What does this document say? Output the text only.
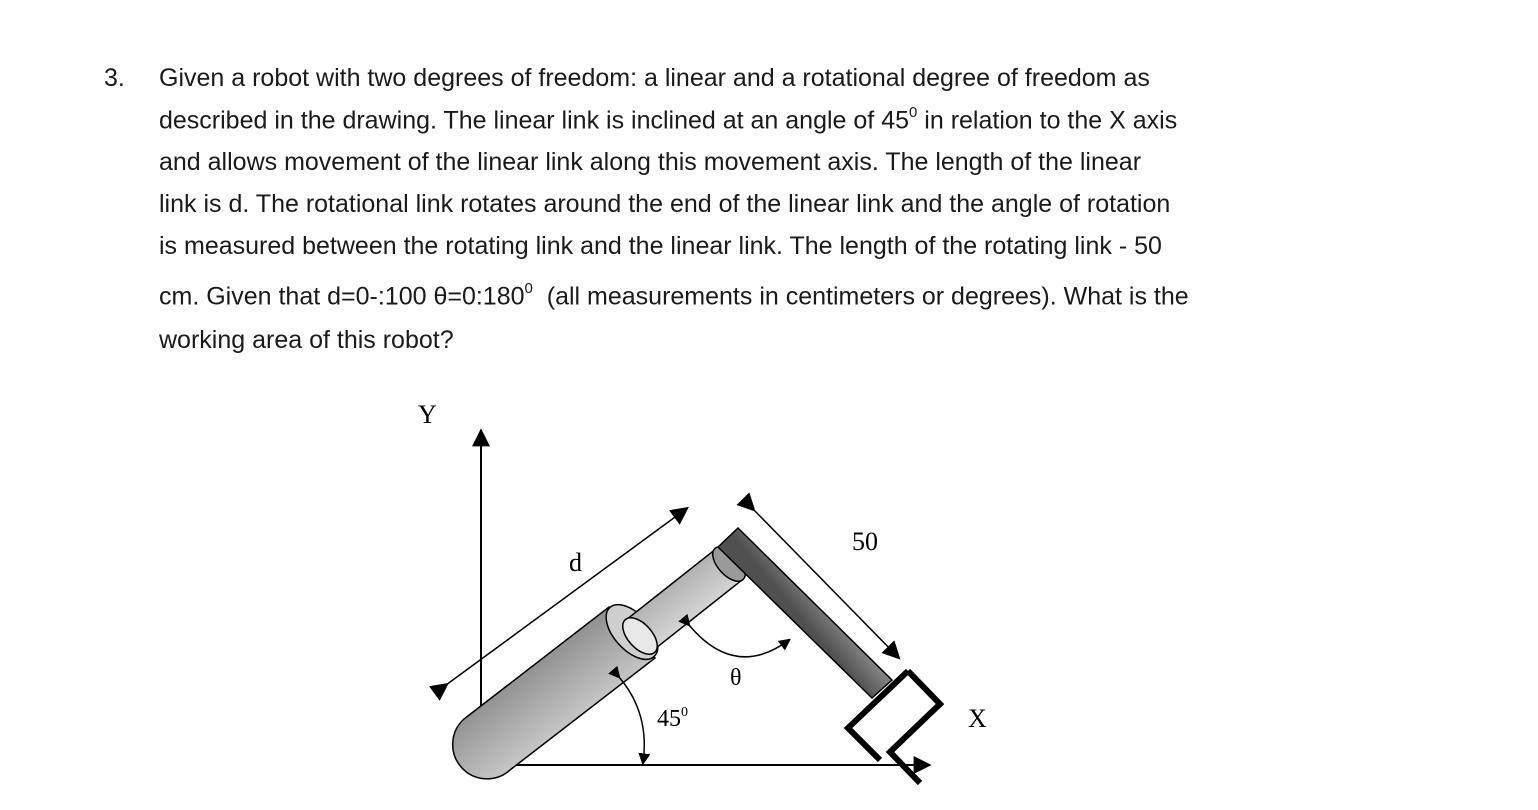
3. Given a robot with two degrees of freedom: a linear and a rotational degree of freedom as
described in the drawing. The linear link is inclined at an angle of $45^0$ in relation to the X axis
and allows movement of the linear link along this movement axis. The length of the linear
link is d. The rotational link rotates around the end of the linear link and the angle of rotation
is measured between the rotating link and the linear link. The length of the rotating link - 50
cm. Given that d=0-:100 $\theta=0:180^0$  (all measurements in centimeters or degrees). What is the
working area of this robot?
Y
X
d
50
$45^0$
θ
